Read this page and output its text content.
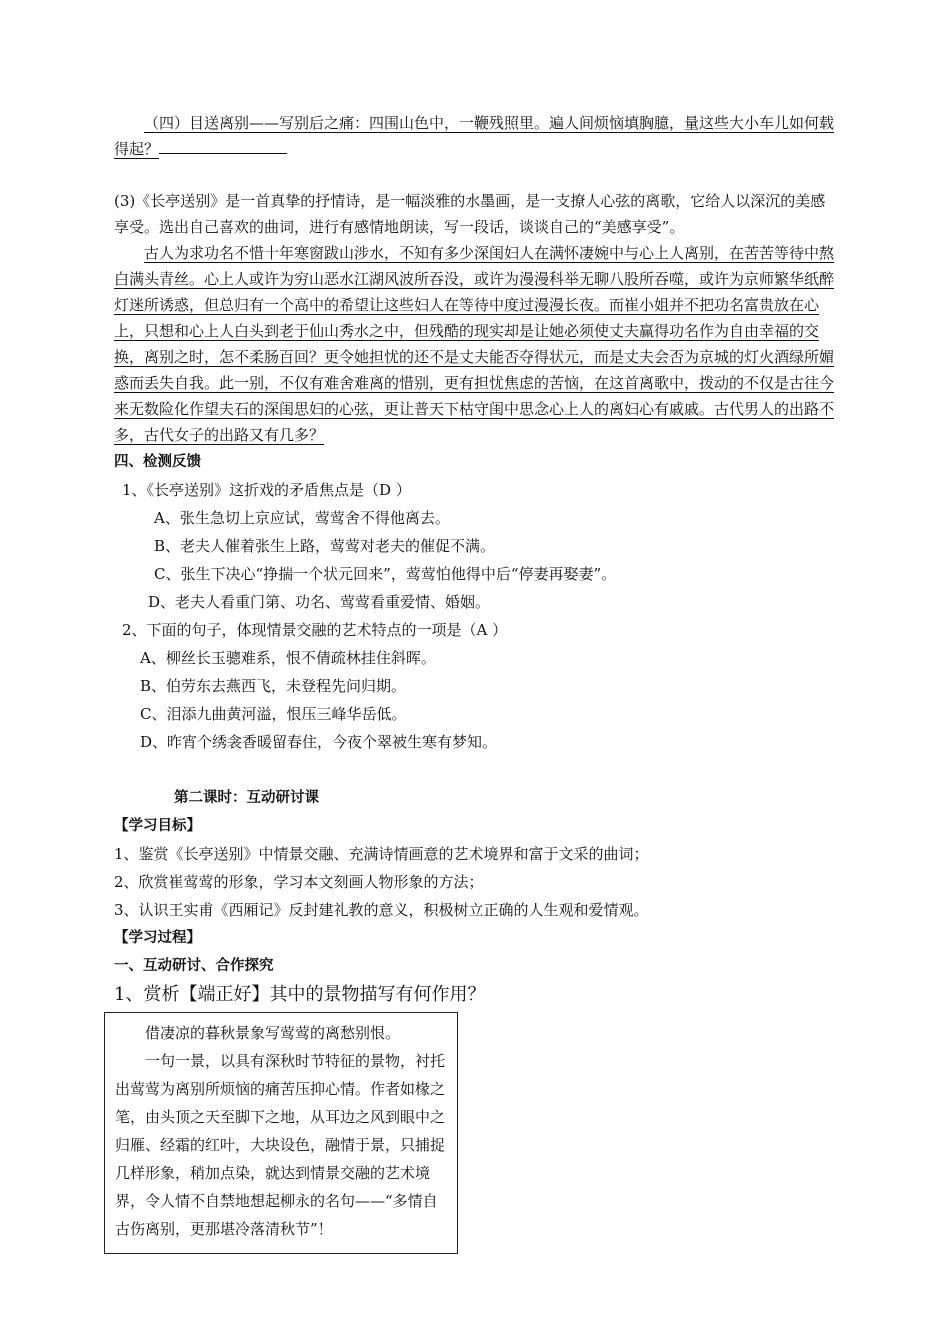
（四）目送离别——写别后之痛：四围山色中，一鞭残照里。遍人间烦恼填胸臆，量这些大小车儿如何载得起？

(3)《长亭送别》是一首真挚的抒情诗，是一幅淡雅的水墨画，是一支撩人心弦的离歌，它给人以深沉的美感享受。选出自己喜欢的曲词，进行有感情地朗读，写一段话，谈谈自己的“美感享受”。

古人为求功名不惜十年寒窗跋山涉水，不知有多少深闺妇人在满怀凄婉中与心上人离别，在苦苦等待中熬白满头青丝。心上人或许为穷山恶水江湖风波所吞没，或许为漫漫科举无聊八股所吞噬，或许为京师繁华纸醉灯迷所诱惑，但总归有一个高中的希望让这些妇人在等待中度过漫漫长夜。而崔小姐并不把功名富贵放在心上，只想和心上人白头到老于仙山秀水之中，但残酷的现实却是让她必须使丈夫赢得功名作为自由幸福的交换，离别之时，怎不柔肠百回？更令她担忧的还不是丈夫能否夺得状元，而是丈夫会否为京城的灯火酒绿所媚惑而丢失自我。此一别，不仅有难舍难离的惜别，更有担忧焦虑的苦恼，在这首离歌中，拨动的不仅是古往今来无数险化作望夫石的深闺思妇的心弦，更让普天下枯守闺中思念心上人的离妇心有戚戚。古代男人的出路不多，古代女子的出路又有几多？

四、检测反馈

1、《长亭送别》这折戏的矛盾焦点是（D ）

A、张生急切上京应试，莺莺舍不得他离去。

B、老夫人催着张生上路，莺莺对老夫的催促不满。

C、张生下决心“挣揣一个状元回来”，莺莺怕他得中后“停妻再娶妻”。

D、老夫人看重门第、功名、莺莺看重爱情、婚姻。

2、下面的句子，体现情景交融的艺术特点的一项是（A ）

A、柳丝长玉骢难系，恨不倩疏林挂住斜晖。

B、伯劳东去燕西飞，未登程先问归期。

C、泪添九曲黄河溢，恨压三峰华岳低。

D、昨宵个绣衾香暖留春住，今夜个翠被生寒有梦知。

第二课时：互动研讨课

【学习目标】

1、鉴赏《长亭送别》中情景交融、充满诗情画意的艺术境界和富于文采的曲词；

2、欣赏崔莺莺的形象，学习本文刻画人物形象的方法；

3、认识王实甫《西厢记》反封建礼教的意义，积极树立正确的人生观和爱情观。

【学习过程】

一、互动研讨、合作探究

1、赏析【端正好】其中的景物描写有何作用？

借凄凉的暮秋景象写莺莺的离愁别恨。

一句一景，以具有深秋时节特征的景物，衬托出莺莺为离别所烦恼的痛苦压抑心情。作者如椽之笔，由头顶之天至脚下之地，从耳边之风到眼中之归雁、经霜的红叶，大块设色，融情于景，只捕捉几样形象，稍加点染，就达到情景交融的艺术境界，令人情不自禁地想起柳永的名句——“多情自古伤离别，更那堪冷落清秋节”！
